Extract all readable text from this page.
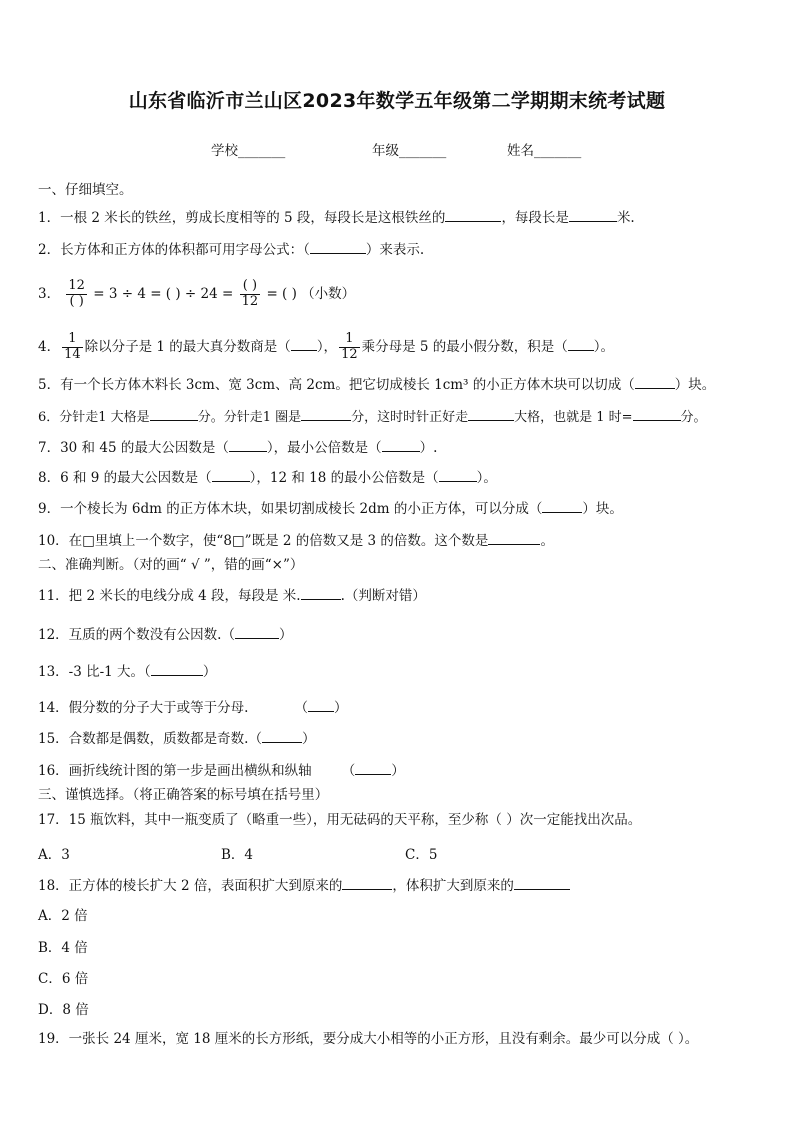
山东省临沂市兰山区2023年数学五年级第二学期期末统考试题
学校_______	年级_______	姓名_______
一、仔细填空。
1．一根 2 米长的铁丝，剪成长度相等的 5 段，每段长是这根铁丝的	，每段长是	米.
2．长方体和正方体的体积都可用字母公式：（	）来表示.
3． $\frac{12}{( )} = 3 \div 4$ = ( ) ÷ $24 = \frac{( )}{12}$ = ( ) （小数）
4． $\frac{1}{14}$ 除以分子是 1 的最大真分数商是（ ）， $\frac{1}{12}$ 乘分母是 5 的最小假分数，积是（ ）。
5．有一个长方体木料长 3cm、宽 3cm、高 2cm。把它切成棱长 1cm³ 的小正方体木块可以切成（	）块。
6．分针走1 大格是	分。分针走1 圈是	分，这时时针正好走	大格，也就是 1 时=	分。
7．30 和 45 的最大公因数是（	），最小公倍数是（	）.
8．6 和 9 的最大公因数是（	），12 和 18 的最小公倍数是（	）。
9．一个棱长为 6dm 的正方体木块，如果切割成棱长 2dm 的小正方体，可以分成（	）块。
10．在□里填上一个数字，使“8□”既是 2 的倍数又是 3 的倍数。这个数是	。
二、准确判断。（对的画“ √ ”，错的画“×”）
11．把 2 米长的电线分成 4 段，每段是 米.	.（判断对错）
12．互质的两个数没有公因数.（	）
13．-3 比-1 大。（	）
14．假分数的分子大于或等于分母.	（ ）
15．合数都是偶数，质数都是奇数.（	）
16．画折线统计图的第一步是画出横纵和纵轴 （	）
三、谨慎选择。（将正确答案的标号填在括号里）
17．15 瓶饮料，其中一瓶变质了（略重一些），用无砝码的天平称，至少称（ ）次一定能找出次品。
A．3	B．4	C．5
18．正方体的棱长扩大 2 倍，表面积扩大到原来的	，体积扩大到原来的
A．2 倍
B．4 倍
C．6 倍
D．8 倍
19．一张长 24 厘米，宽 18 厘米的长方形纸，要分成大小相等的小正方形，且没有剩余。最少可以分成（ ）。
